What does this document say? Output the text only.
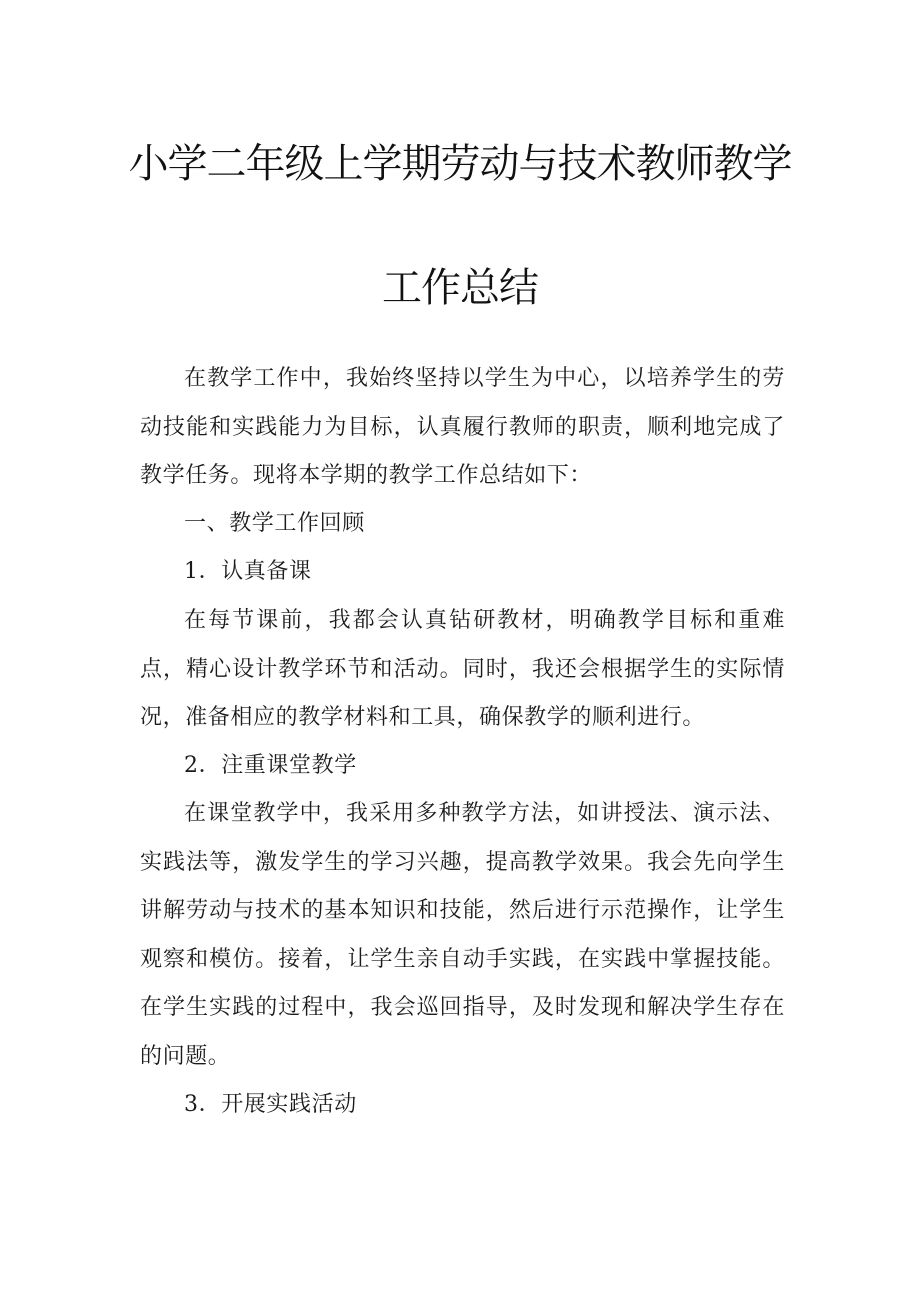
小学二年级上学期劳动与技术教师教学
工作总结

在教学工作中，我始终坚持以学生为中心，以培养学生的劳动技能和实践能力为目标，认真履行教师的职责，顺利地完成了教学任务。现将本学期的教学工作总结如下：

一、教学工作回顾

1．认真备课

在每节课前，我都会认真钻研教材，明确教学目标和重难点，精心设计教学环节和活动。同时，我还会根据学生的实际情况，准备相应的教学材料和工具，确保教学的顺利进行。

2．注重课堂教学

在课堂教学中，我采用多种教学方法，如讲授法、演示法、实践法等，激发学生的学习兴趣，提高教学效果。我会先向学生讲解劳动与技术的基本知识和技能，然后进行示范操作，让学生观察和模仿。接着，让学生亲自动手实践，在实践中掌握技能。在学生实践的过程中，我会巡回指导，及时发现和解决学生存在的问题。

3．开展实践活动
